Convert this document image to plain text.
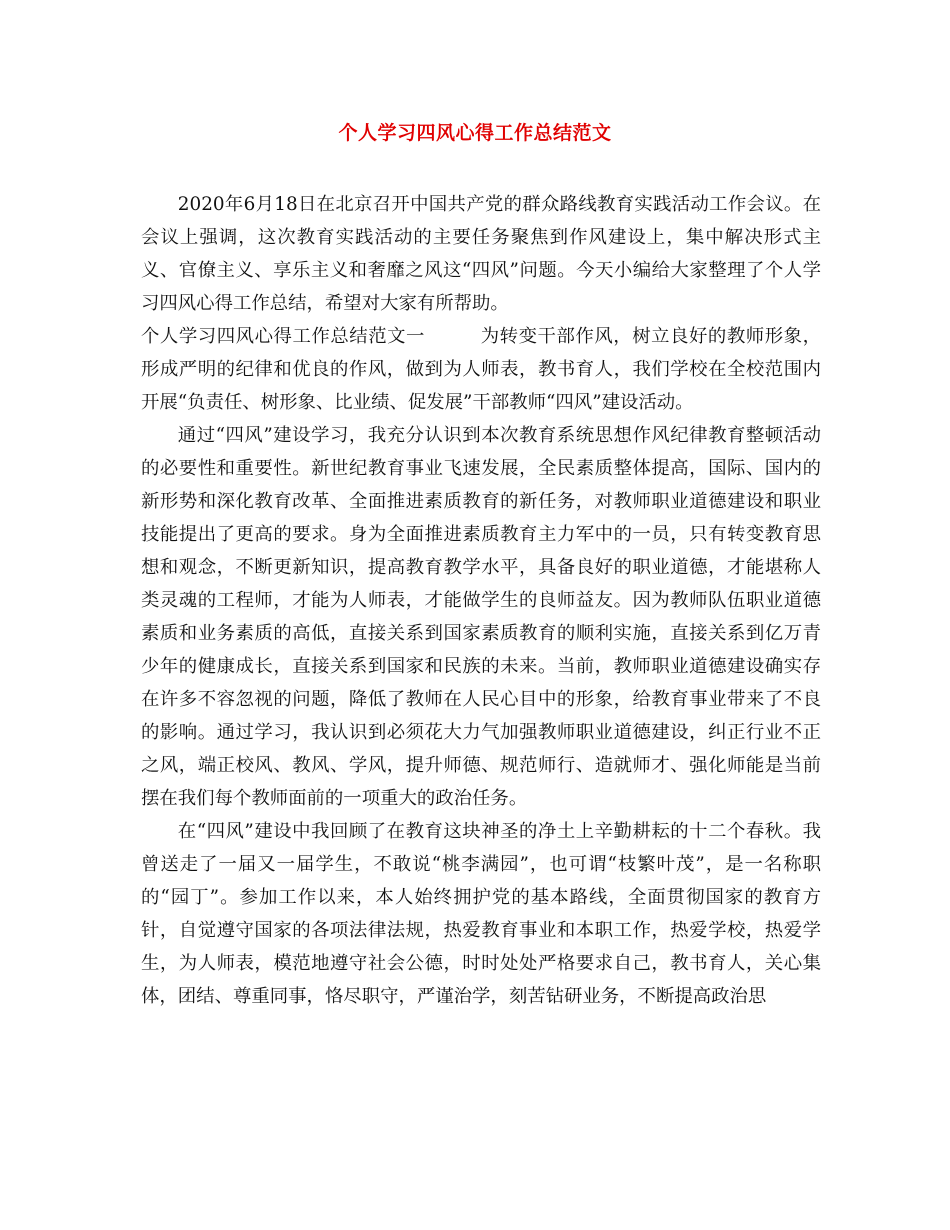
个人学习四风心得工作总结范文

2020年6月18日在北京召开中国共产党的群众路线教育实践活动工作会议。在会议上强调，这次教育实践活动的主要任务聚焦到作风建设上，集中解决形式主义、官僚主义、享乐主义和奢靡之风这“四风”问题。今天小编给大家整理了个人学习四风心得工作总结，希望对大家有所帮助。

个人学习四风心得工作总结范文一	为转变干部作风，树立良好的教师形象，形成严明的纪律和优良的作风，做到为人师表，教书育人，我们学校在全校范围内开展“负责任、树形象、比业绩、促发展”干部教师“四风”建设活动。

通过“四风”建设学习，我充分认识到本次教育系统思想作风纪律教育整顿活动的必要性和重要性。新世纪教育事业飞速发展，全民素质整体提高，国际、国内的新形势和深化教育改革、全面推进素质教育的新任务，对教师职业道德建设和职业技能提出了更高的要求。身为全面推进素质教育主力军中的一员，只有转变教育思想和观念，不断更新知识，提高教育教学水平，具备良好的职业道德，才能堪称人类灵魂的工程师，才能为人师表，才能做学生的良师益友。因为教师队伍职业道德素质和业务素质的高低，直接关系到国家素质教育的顺利实施，直接关系到亿万青少年的健康成长，直接关系到国家和民族的未来。当前，教师职业道德建设确实存在许多不容忽视的问题，降低了教师在人民心目中的形象，给教育事业带来了不良的影响。通过学习，我认识到必须花大力气加强教师职业道德建设，纠正行业不正之风，端正校风、教风、学风，提升师德、规范师行、造就师才、强化师能是当前摆在我们每个教师面前的一项重大的政治任务。

在“四风”建设中我回顾了在教育这块神圣的净土上辛勤耕耘的十二个春秋。我曾送走了一届又一届学生，不敢说“桃李满园”，也可谓“枝繁叶茂”，是一名称职的“园丁”。参加工作以来，本人始终拥护党的基本路线，全面贯彻国家的教育方针，自觉遵守国家的各项法律法规，热爱教育事业和本职工作，热爱学校，热爱学生，为人师表，模范地遵守社会公德，时时处处严格要求自己，教书育人，关心集体，团结、尊重同事，恪尽职守，严谨治学，刻苦钻研业务，不断提高政治思
